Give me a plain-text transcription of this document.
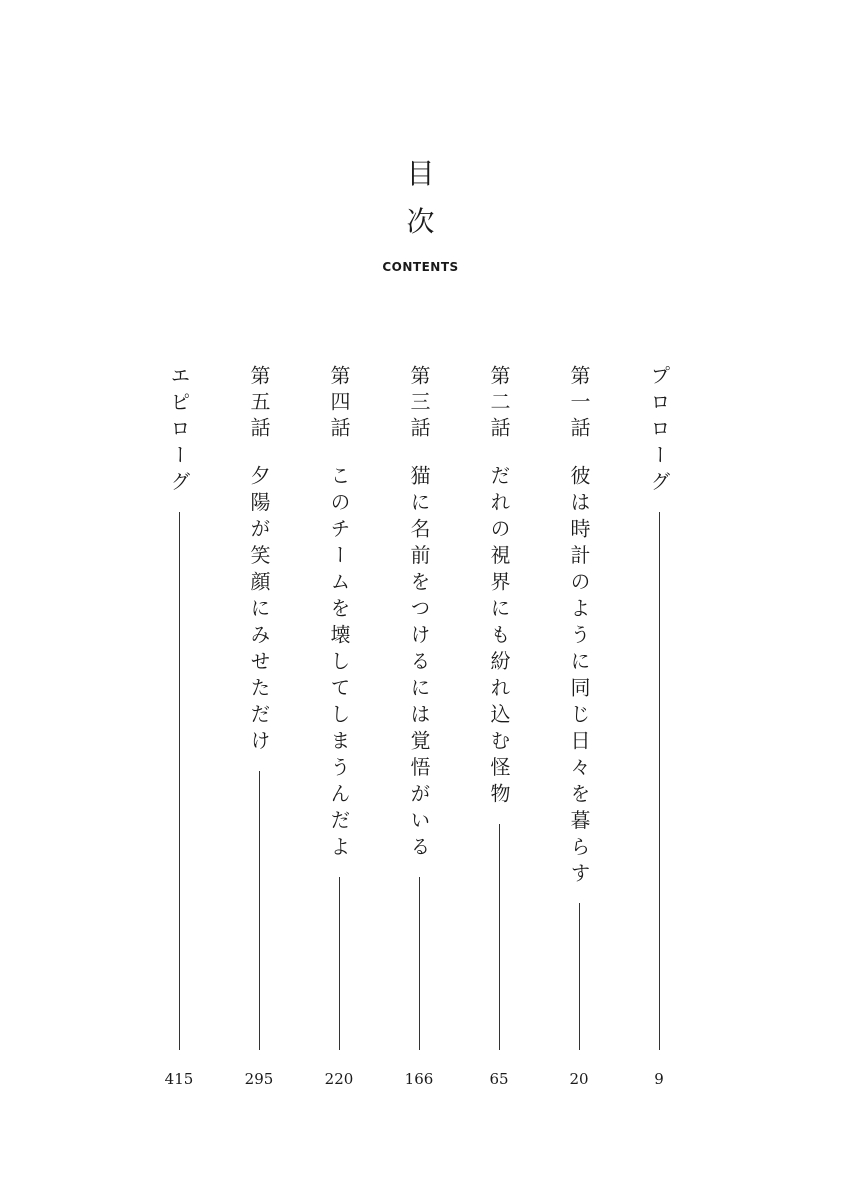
目
次
CONTENTS
プロローグ
9
第一話
彼は時計のように同じ日々を暮らす
20
第二話
だれの視界にも紛れ込む怪物
65
第三話
猫に名前をつけるには覚悟がいる
166
第四話
このチームを壊してしまうんだよ
220
第五話
夕陽が笑顔にみせただけ
295
エピローグ
415
